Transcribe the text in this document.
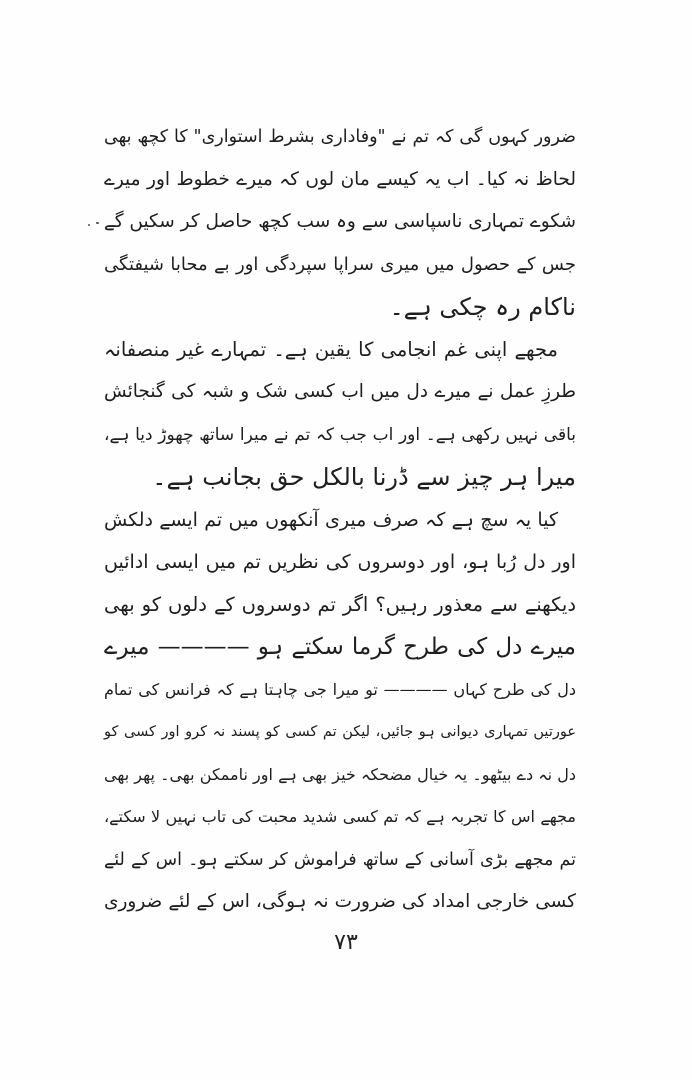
ضرور کہوں گی کہ تم نے "وفاداری بشرط استواری" کا کچھ بھی
لحاظ نہ کیا۔ اب یہ کیسے مان لوں کہ میرے خطوط اور میرے
شکوے تمہاری ناسپاسی سے وہ سب کچھ حاصل کر سکیں گے
جس کے حصول میں میری سراپا سپردگی اور بے محابا شیفتگی
ناکام رہ چکی ہے۔
مجھے اپنی غم انجامی کا یقین ہے۔ تمہارے غیر منصفانہ
طرزِ عمل نے میرے دل میں اب کسی شک و شبہ کی گنجائش
باقی نہیں رکھی ہے۔ اور اب جب کہ تم نے میرا ساتھ چھوڑ دیا ہے،
میرا ہر چیز سے ڈرنا بالکل حق بجانب ہے۔
کیا یہ سچ ہے کہ صرف میری آنکھوں میں تم ایسے دلکش
اور دل رُبا ہو، اور دوسروں کی نظریں تم میں ایسی ادائیں
دیکھنے سے معذور رہیں؟ اگر تم دوسروں کے دلوں کو بھی
میرے دل کی طرح گرما سکتے ہو ———— میرے
دل کی طرح کہاں ———— تو میرا جی چاہتا ہے کہ فرانس کی تمام
عورتیں تمہاری دیوانی ہو جائیں، لیکن تم کسی کو پسند نہ کرو اور کسی کو
دل نہ دے بیٹھو۔ یہ خیال مضحکہ خیز بھی ہے اور ناممکن بھی۔ پھر بھی
مجھے اس کا تجربہ ہے کہ تم کسی شدید محبت کی تاب نہیں لا سکتے،
تم مجھے بڑی آسانی کے ساتھ فراموش کر سکتے ہو۔ اس کے لئے
کسی خارجی امداد کی ضرورت نہ ہوگی، اس کے لئے ضروری
۷۳
